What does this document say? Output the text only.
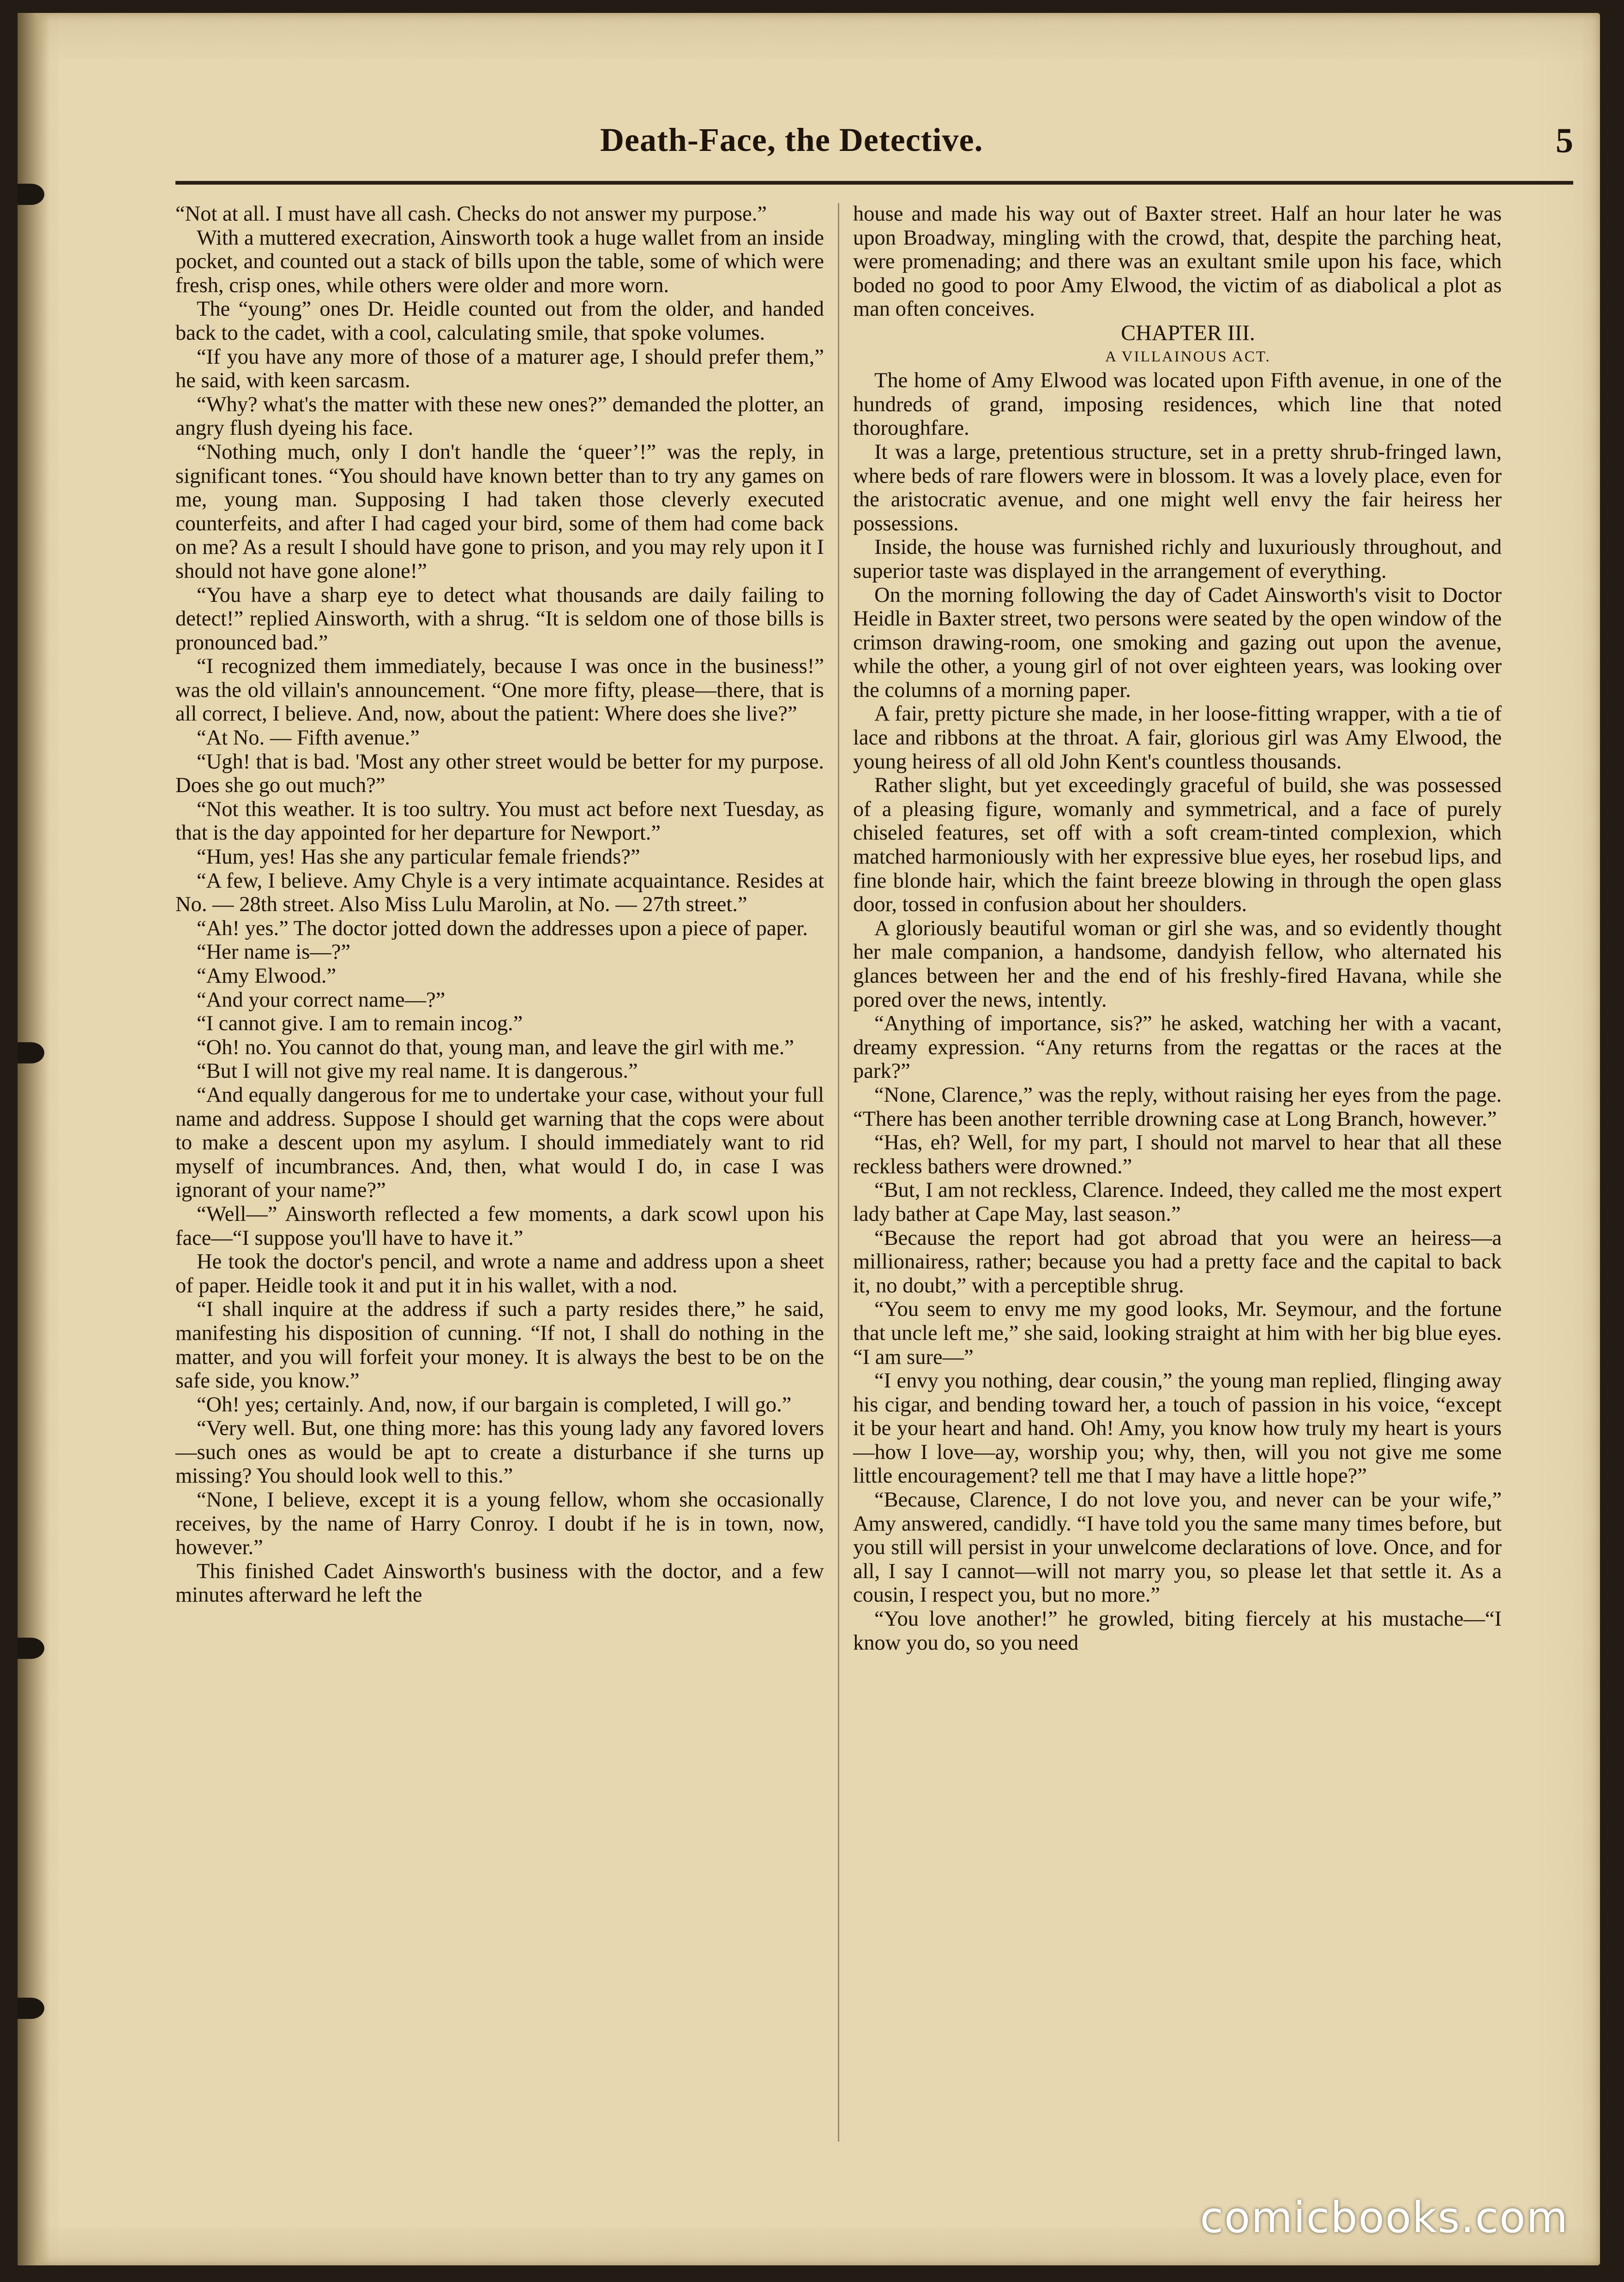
Death-Face, the Detective.	5

“Not at all. I must have all cash. Checks do not answer my purpose.”

With a muttered execration, Ainsworth took a huge wallet from an inside pocket, and counted out a stack of bills upon the table, some of which were fresh, crisp ones, while others were older and more worn.

The “young” ones Dr. Heidle counted out from the older, and handed back to the cadet, with a cool, calculating smile, that spoke volumes.

“If you have any more of those of a maturer age, I should prefer them,” he said, with keen sarcasm.

“Why? what's the matter with these new ones?” demanded the plotter, an angry flush dyeing his face.

“Nothing much, only I don't handle the ‘queer’!” was the reply, in significant tones. “You should have known better than to try any games on me, young man. Supposing I had taken those cleverly executed counterfeits, and after I had caged your bird, some of them had come back on me? As a result I should have gone to prison, and you may rely upon it I should not have gone alone!”

“You have a sharp eye to detect what thousands are daily failing to detect!” replied Ainsworth, with a shrug. “It is seldom one of those bills is pronounced bad.”

“I recognized them immediately, because I was once in the business!” was the old villain's announcement. “One more fifty, please—there, that is all correct, I believe. And, now, about the patient: Where does she live?”

“At No. — Fifth avenue.”

“Ugh! that is bad. 'Most any other street would be better for my purpose. Does she go out much?”

“Not this weather. It is too sultry. You must act before next Tuesday, as that is the day appointed for her departure for Newport.”

“Hum, yes! Has she any particular female friends?”

“A few, I believe. Amy Chyle is a very intimate acquaintance. Resides at No. — 28th street. Also Miss Lulu Marolin, at No. — 27th street.”

“Ah! yes.” The doctor jotted down the addresses upon a piece of paper.

“Her name is—?”

“Amy Elwood.”

“And your correct name—?”

“I cannot give. I am to remain incog.”

“Oh! no. You cannot do that, young man, and leave the girl with me.”

“But I will not give my real name. It is dangerous.”

“And equally dangerous for me to undertake your case, without your full name and address. Suppose I should get warning that the cops were about to make a descent upon my asylum. I should immediately want to rid myself of incumbrances. And, then, what would I do, in case I was ignorant of your name?”

“Well—” Ainsworth reflected a few moments, a dark scowl upon his face—“I suppose you'll have to have it.”

He took the doctor's pencil, and wrote a name and address upon a sheet of paper. Heidle took it and put it in his wallet, with a nod.

“I shall inquire at the address if such a party resides there,” he said, manifesting his disposition of cunning. “If not, I shall do nothing in the matter, and you will forfeit your money. It is always the best to be on the safe side, you know.”

“Oh! yes; certainly. And, now, if our bargain is completed, I will go.”

“Very well. But, one thing more: has this young lady any favored lovers—such ones as would be apt to create a disturbance if she turns up missing? You should look well to this.”

“None, I believe, except it is a young fellow, whom she occasionally receives, by the name of Harry Conroy. I doubt if he is in town, now, however.”

This finished Cadet Ainsworth's business with the doctor, and a few minutes afterward he left the

house and made his way out of Baxter street. Half an hour later he was upon Broadway, mingling with the crowd, that, despite the parching heat, were promenading; and there was an exultant smile upon his face, which boded no good to poor Amy Elwood, the victim of as diabolical a plot as man often conceives.

CHAPTER III.

A VILLAINOUS ACT.

The home of Amy Elwood was located upon Fifth avenue, in one of the hundreds of grand, imposing residences, which line that noted thoroughfare.

It was a large, pretentious structure, set in a pretty shrub-fringed lawn, where beds of rare flowers were in blossom. It was a lovely place, even for the aristocratic avenue, and one might well envy the fair heiress her possessions.

Inside, the house was furnished richly and luxuriously throughout, and superior taste was displayed in the arrangement of everything.

On the morning following the day of Cadet Ainsworth's visit to Doctor Heidle in Baxter street, two persons were seated by the open window of the crimson drawing-room, one smoking and gazing out upon the avenue, while the other, a young girl of not over eighteen years, was looking over the columns of a morning paper.

A fair, pretty picture she made, in her loose-fitting wrapper, with a tie of lace and ribbons at the throat. A fair, glorious girl was Amy Elwood, the young heiress of all old John Kent's countless thousands.

Rather slight, but yet exceedingly graceful of build, she was possessed of a pleasing figure, womanly and symmetrical, and a face of purely chiseled features, set off with a soft cream-tinted complexion, which matched harmoniously with her expressive blue eyes, her rosebud lips, and fine blonde hair, which the faint breeze blowing in through the open glass door, tossed in confusion about her shoulders.

A gloriously beautiful woman or girl she was, and so evidently thought her male companion, a handsome, dandyish fellow, who alternated his glances between her and the end of his freshly-fired Havana, while she pored over the news, intently.

“Anything of importance, sis?” he asked, watching her with a vacant, dreamy expression. “Any returns from the regattas or the races at the park?”

“None, Clarence,” was the reply, without raising her eyes from the page. “There has been another terrible drowning case at Long Branch, however.”

“Has, eh? Well, for my part, I should not marvel to hear that all these reckless bathers were drowned.”

“But, I am not reckless, Clarence. Indeed, they called me the most expert lady bather at Cape May, last season.”

“Because the report had got abroad that you were an heiress—a millionairess, rather; because you had a pretty face and the capital to back it, no doubt,” with a perceptible shrug.

“You seem to envy me my good looks, Mr. Seymour, and the fortune that uncle left me,” she said, looking straight at him with her big blue eyes. “I am sure—”

“I envy you nothing, dear cousin,” the young man replied, flinging away his cigar, and bending toward her, a touch of passion in his voice, “except it be your heart and hand. Oh! Amy, you know how truly my heart is yours—how I love—ay, worship you; why, then, will you not give me some little encouragement? tell me that I may have a little hope?”

“Because, Clarence, I do not love you, and never can be your wife,” Amy answered, candidly. “I have told you the same many times before, but you still will persist in your unwelcome declarations of love. Once, and for all, I say I cannot—will not marry you, so please let that settle it. As a cousin, I respect you, but no more.”

“You love another!” he growled, biting fiercely at his mustache—“I know you do, so you need

comicbooks.com
